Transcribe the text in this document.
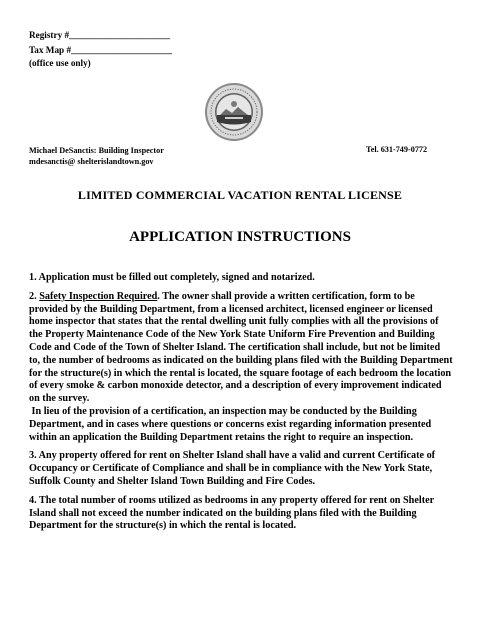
Registry #______________________
Tax Map #______________________
(office use only)
Michael DeSanctis: Building Inspector
mdesanctis@ shelterislandtown.gov
Tel. 631-749-0772
LIMITED COMMERCIAL VACATION RENTAL LICENSE
APPLICATION INSTRUCTIONS

1. Application must be filled out completely, signed and notarized.

2. Safety Inspection Required. The owner shall provide a written certification, form to be provided by the Building Department, from a licensed architect, licensed engineer or licensed home inspector that states that the rental dwelling unit fully complies with all the provisions of the Property Maintenance Code of the New York State Uniform Fire Prevention and Building Code and Code of the Town of Shelter Island. The certification shall include, but not be limited to, the number of bedrooms as indicated on the building plans filed with the Building Department for the structure(s) in which the rental is located, the square footage of each bedroom the location of every smoke & carbon monoxide detector, and a description of every improvement indicated on the survey.
In lieu of the provision of a certification, an inspection may be conducted by the Building Department, and in cases where questions or concerns exist regarding information presented within an application the Building Department retains the right to require an inspection.

3. Any property offered for rent on Shelter Island shall have a valid and current Certificate of Occupancy or Certificate of Compliance and shall be in compliance with the New York State, Suffolk County and Shelter Island Town Building and Fire Codes.

4. The total number of rooms utilized as bedrooms in any property offered for rent on Shelter Island shall not exceed the number indicated on the building plans filed with the Building Department for the structure(s) in which the rental is located.
